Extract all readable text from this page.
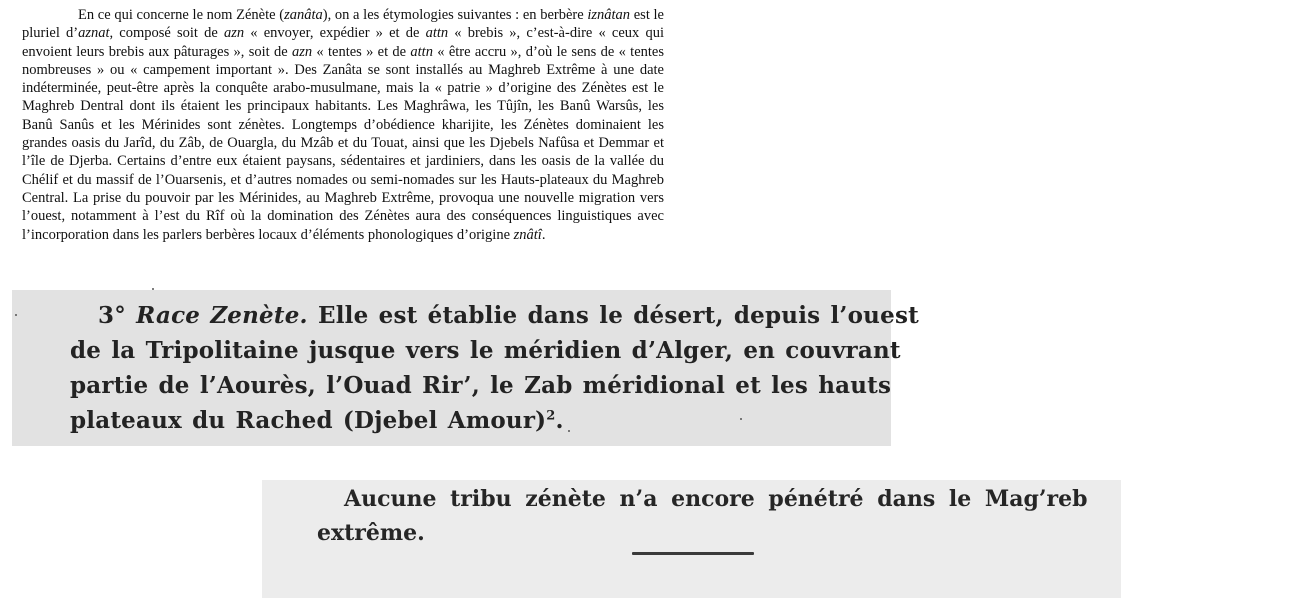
En ce qui concerne le nom Zénète (zanâta), on a les étymologies suivantes : en berbère iznâtan est le pluriel d’aznat, composé soit de azn « envoyer, expédier » et de attn « brebis », c’est-à-dire « ceux qui envoient leurs brebis aux pâturages », soit de azn « tentes » et de attn « être accru », d’où le sens de « tentes nombreuses » ou « campement important ». Des Zanâta se sont installés au Maghreb Extrême à une date indéterminée, peut-être après la conquête arabo-musulmane, mais la « patrie » d’origine des Zénètes est le Maghreb Dentral dont ils étaient les principaux habitants. Les Maghrâwa, les Tûjîn, les Banû Warsûs, les Banû Sanûs et les Mérinides sont zénètes. Longtemps d’obédience kharijite, les Zénètes dominaient les grandes oasis du Jarîd, du Zâb, de Ouargla, du Mzâb et du Touat, ainsi que les Djebels Nafûsa et Demmar et l’île de Djerba. Certains d’entre eux étaient paysans, sédentaires et jardiniers, dans les oasis de la vallée du Chélif et du massif de l’Ouarsenis, et d’autres nomades ou semi-nomades sur les Hauts-plateaux du Maghreb Central. La prise du pouvoir par les Mérinides, au Maghreb Extrême, provoqua une nouvelle migration vers l’ouest, notamment à l’est du Rîf où la domination des Zénètes aura des conséquences linguistiques avec l’incorporation dans les parlers berbères locaux d’éléments phonologiques d’origine znâtî.

3° Race Zenète. Elle est établie dans le désert, depuis l’ouest
de la Tripolitaine jusque vers le méridien d’Alger, en couvrant
partie de l’Aourès, l’Ouad Rir’, le Zab méridional et les hauts
plateaux du Rached (Djebel Amour)$^2$.
Aucune tribu zénète n’a encore pénétré dans le Mag’reb
extrême.
